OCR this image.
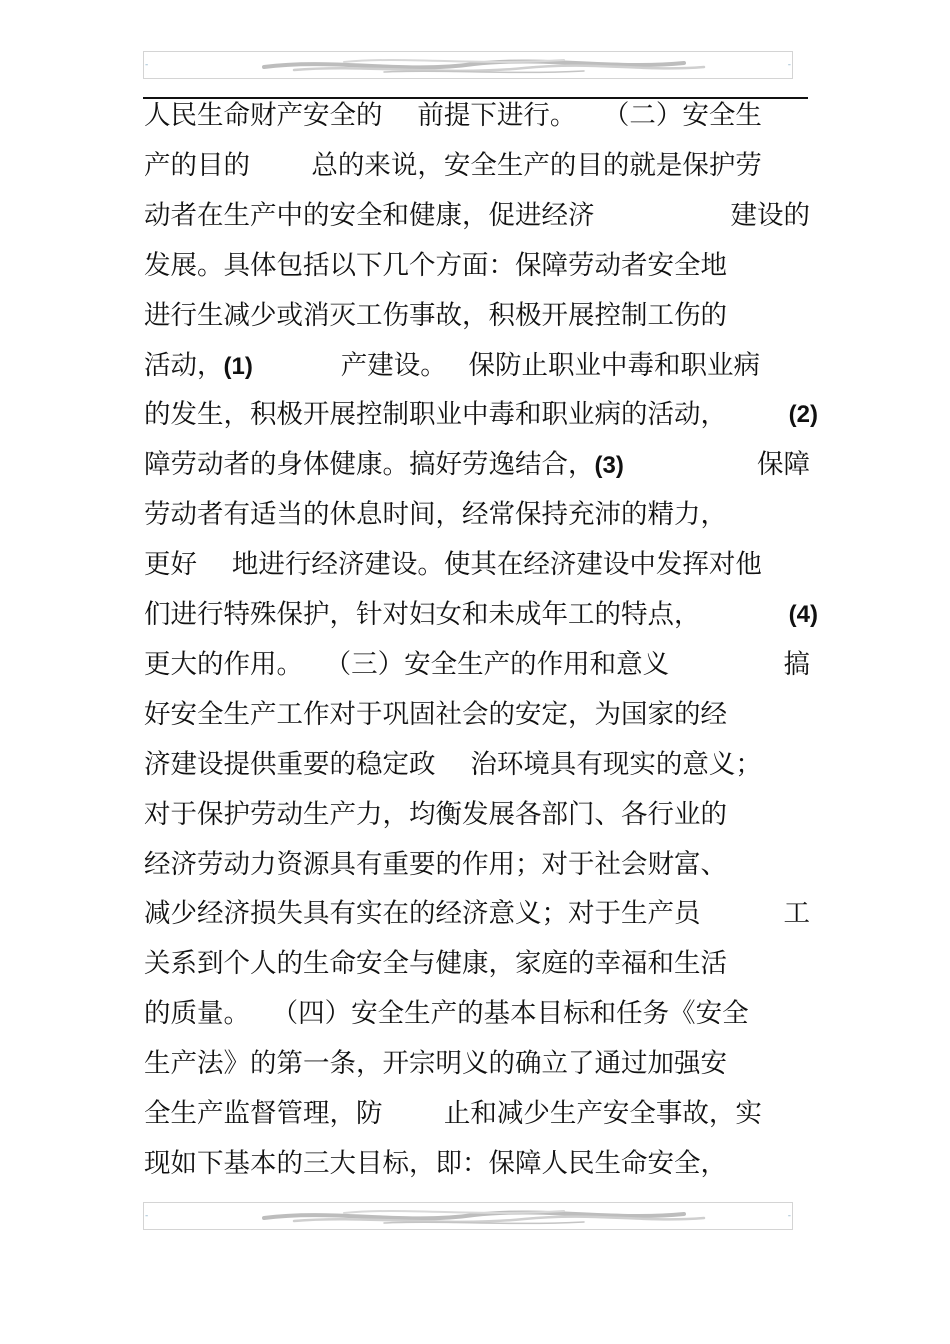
-	-
人民生命财产安全的　 前提下进行。　　（二）安全生
产的目的　　 总的来说，安全生产的目的就是保护劳
动者在生产中的安全和健康，促进经济	建设的
发展。具体包括以下几个方面：保障劳动者安全地
进行生减少或消灭工伤事故，积极开展控制工伤的
活动，(1)　　　 产建设。　 保防止职业中毒和职业病
的发生，积极开展控制职业中毒和职业病的活动，	(2)
障劳动者的身体健康。搞好劳逸结合，(3)	保障
劳动者有适当的休息时间，经常保持充沛的精力，
更好　 地进行经济建设。使其在经济建设中发挥对他
们进行特殊保护，针对妇女和未成年工的特点，	(4)
更大的作用。　 （三）安全生产的作用和意义	搞
好安全生产工作对于巩固社会的安定，为国家的经
济建设提供重要的稳定政　 治环境具有现实的意义；
对于保护劳动生产力，均衡发展各部门、各行业的
经济劳动力资源具有重要的作用；对于社会财富、
减少经济损失具有实在的经济意义；对于生产员	工
关系到个人的生命安全与健康，家庭的幸福和生活
的质量。　 （四）安全生产的基本目标和任务《安全
生产法》的第一条，开宗明义的确立了通过加强安
全生产监督管理，防　　 止和减少生产安全事故，实
现如下基本的三大目标，即：保障人民生命安全，
-	-
